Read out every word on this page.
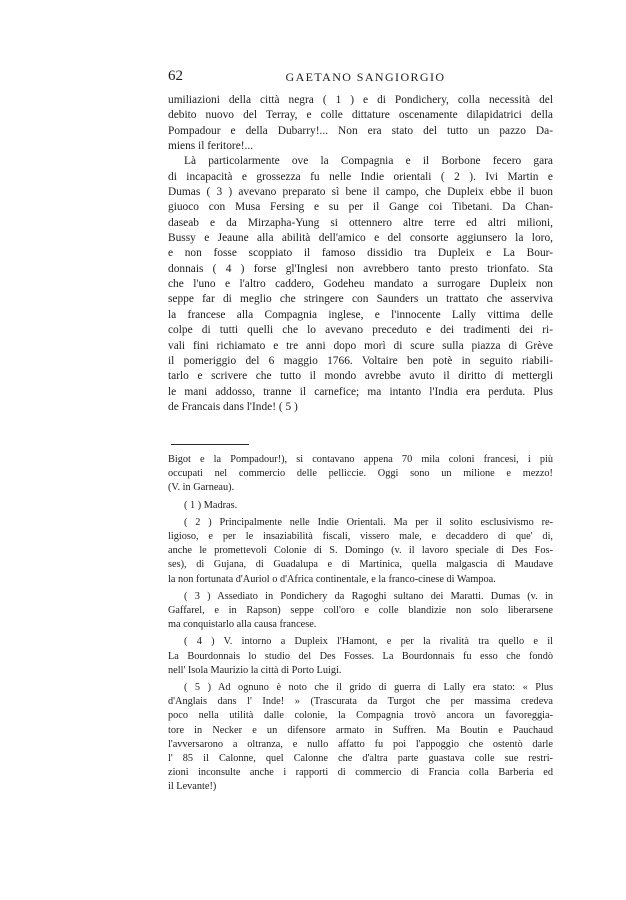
62	GAETANO SANGIORGIO

umiliazioni della città negra ( 1 ) e di Pondichery, colla necessità del

debito nuovo del Terray, e colle dittature oscenamente dilapidatrici della

Pompadour e della Dubarry!... Non era stato del tutto un pazzo Da-

miens il feritore!...

Là particolarmente ove la Compagnia e il Borbone fecero gara

di incapacità e grossezza fu nelle Indie orientali ( 2 ). Ivi Martin e

Dumas ( 3 ) avevano preparato sì bene il campo, che Dupleix ebbe il buon

giuoco con Musa Fersing e su per il Gange coi Tibetani. Da Chan-

daseab e da Mirzapha-Yung si ottennero altre terre ed altri milioni,

Bussy e Jeaune alla abilità dell'amico e del consorte aggiunsero la loro,

e non fosse scoppiato il famoso dissidio tra Dupleix e La Bour-

donnais ( 4 ) forse gl'Inglesi non avrebbero tanto presto trionfato. Sta

che l'uno e l'altro caddero, Godeheu mandato a surrogare Dupleix non

seppe far di meglio che stringere con Saunders un trattato che asserviva

la francese alla Compagnia inglese, e l'innocente Lally vittima delle

colpe di tutti quelli che lo avevano preceduto e dei tradimenti dei ri-

vali fini richiamato e tre anni dopo morì di scure sulla piazza di Grève

il pomeriggio del 6 maggio 1766. Voltaire ben potè in seguito riabili-

tarlo e scrivere che tutto il mondo avrebbe avuto il diritto di mettergli

le mani addosso, tranne il carnefice; ma intanto l'India era perduta. Plus

de Francais dans l'Inde! ( 5 )

Bigot e la Pompadour!), si contavano appena 70 mila coloni francesi, i più

occupati nel commercio delle pelliccie. Oggi sono un milione e mezzo!

(V. in Garneau).

( 1 ) Madras.

( 2 ) Principalmente nelle Indie Orientali. Ma per il solito esclusivismo re-

ligioso, e per le insaziabilità fiscali, vissero male, e decaddero di que' di,

anche le promettevoli Colonie di S. Domingo (v. il lavoro speciale di Des Fos-

ses), di Gujana, di Guadalupa e di Martinica, quella malgascia di Maudave

la non fortunata d'Auriol o d'Africa continentale, e la franco-cinese di Wampoa.

( 3 ) Assediato in Pondichery da Ragoghi sultano dei Maratti. Dumas (v. in

Gaffarel, e in Rapson) seppe coll'oro e colle blandizie non solo liberarsene

ma conquistarlo alla causa francese.

( 4 ) V. intorno a Dupleix l'Hamont, e per la rivalità tra quello e il

La Bourdonnais lo studio del Des Fosses. La Bourdonnais fu esso che fondò

nell' Isola Maurizio la città di Porto Luigi.

( 5 ) Ad ognuno è noto che il grido di guerra di Lally era stato: « Plus

d'Anglais dans l' Inde! » (Trascurata da Turgot che per massima credeva

poco nella utilità dalle colonie, la Compagnia trovò ancora un favoreggia-

tore in Necker e un difensore armato in Suffren. Ma Boutin e Pauchaud

l'avversarono a oltranza, e nullo affatto fu poi l'appoggio che ostentò darle

l' 85 il Calonne, quel Calonne che d'altra parte guastava colle sue restri-

zioni inconsulte anche i rapporti di commercio di Francia colla Barberia ed

il Levante!)
